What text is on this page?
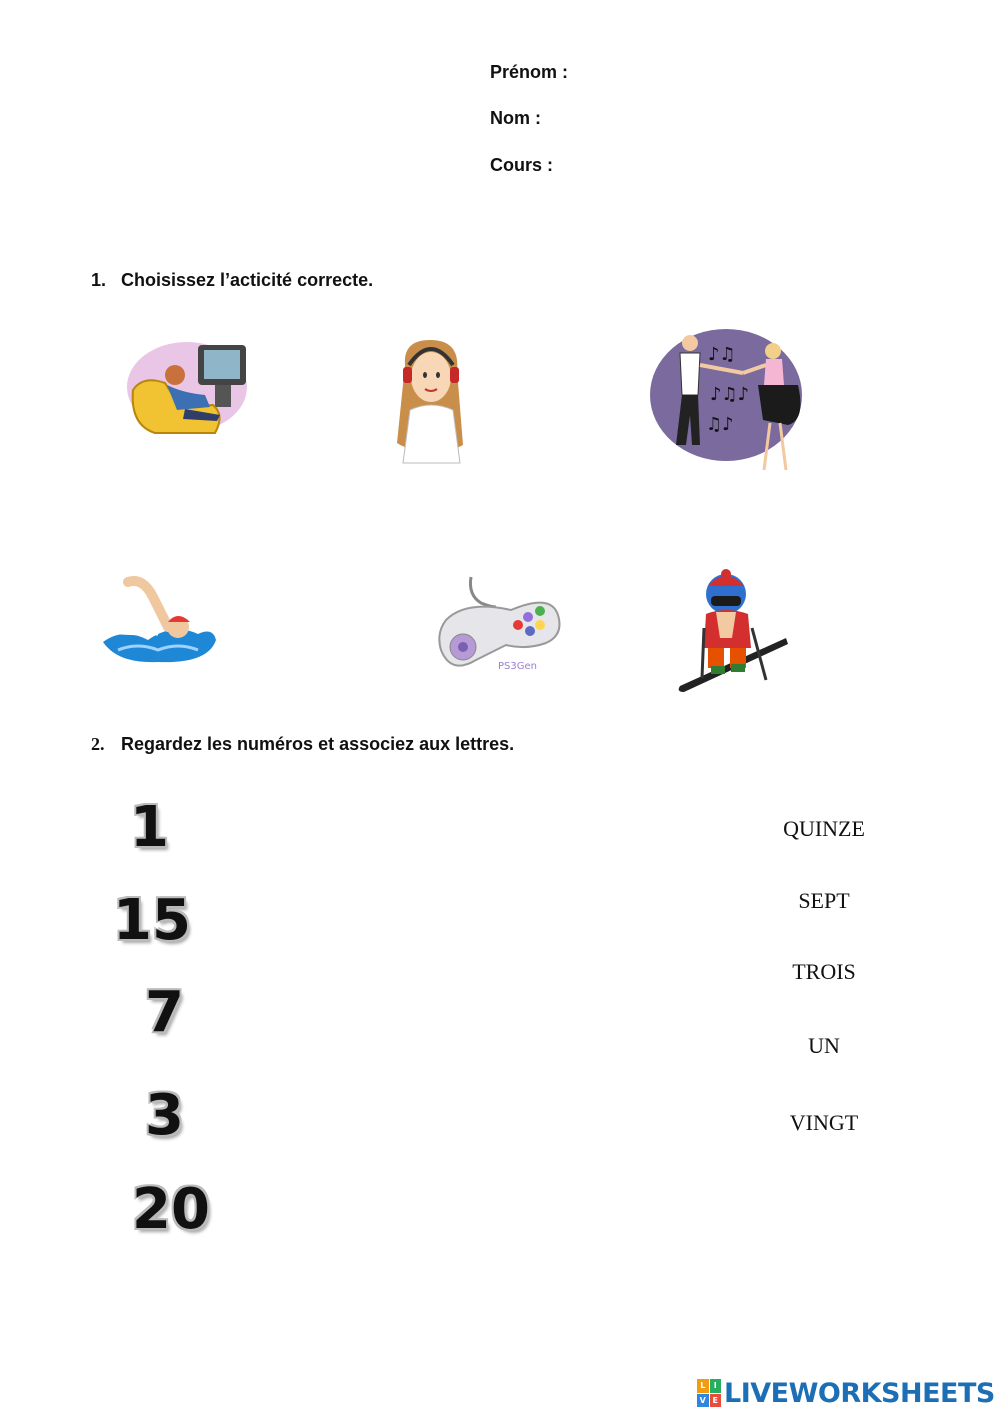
Prénom :
Nom :
Cours :
1. Choisissez l’acticité correcte.
♪♫
♪♫♪
♫♪
PS3Gen
2. Regardez les numéros et associez aux lettres.
1
15
7
3
20
QUINZE
SEPT
TROIS
UN
VINGT
L	I
V E LIVEWORKSHEETS
